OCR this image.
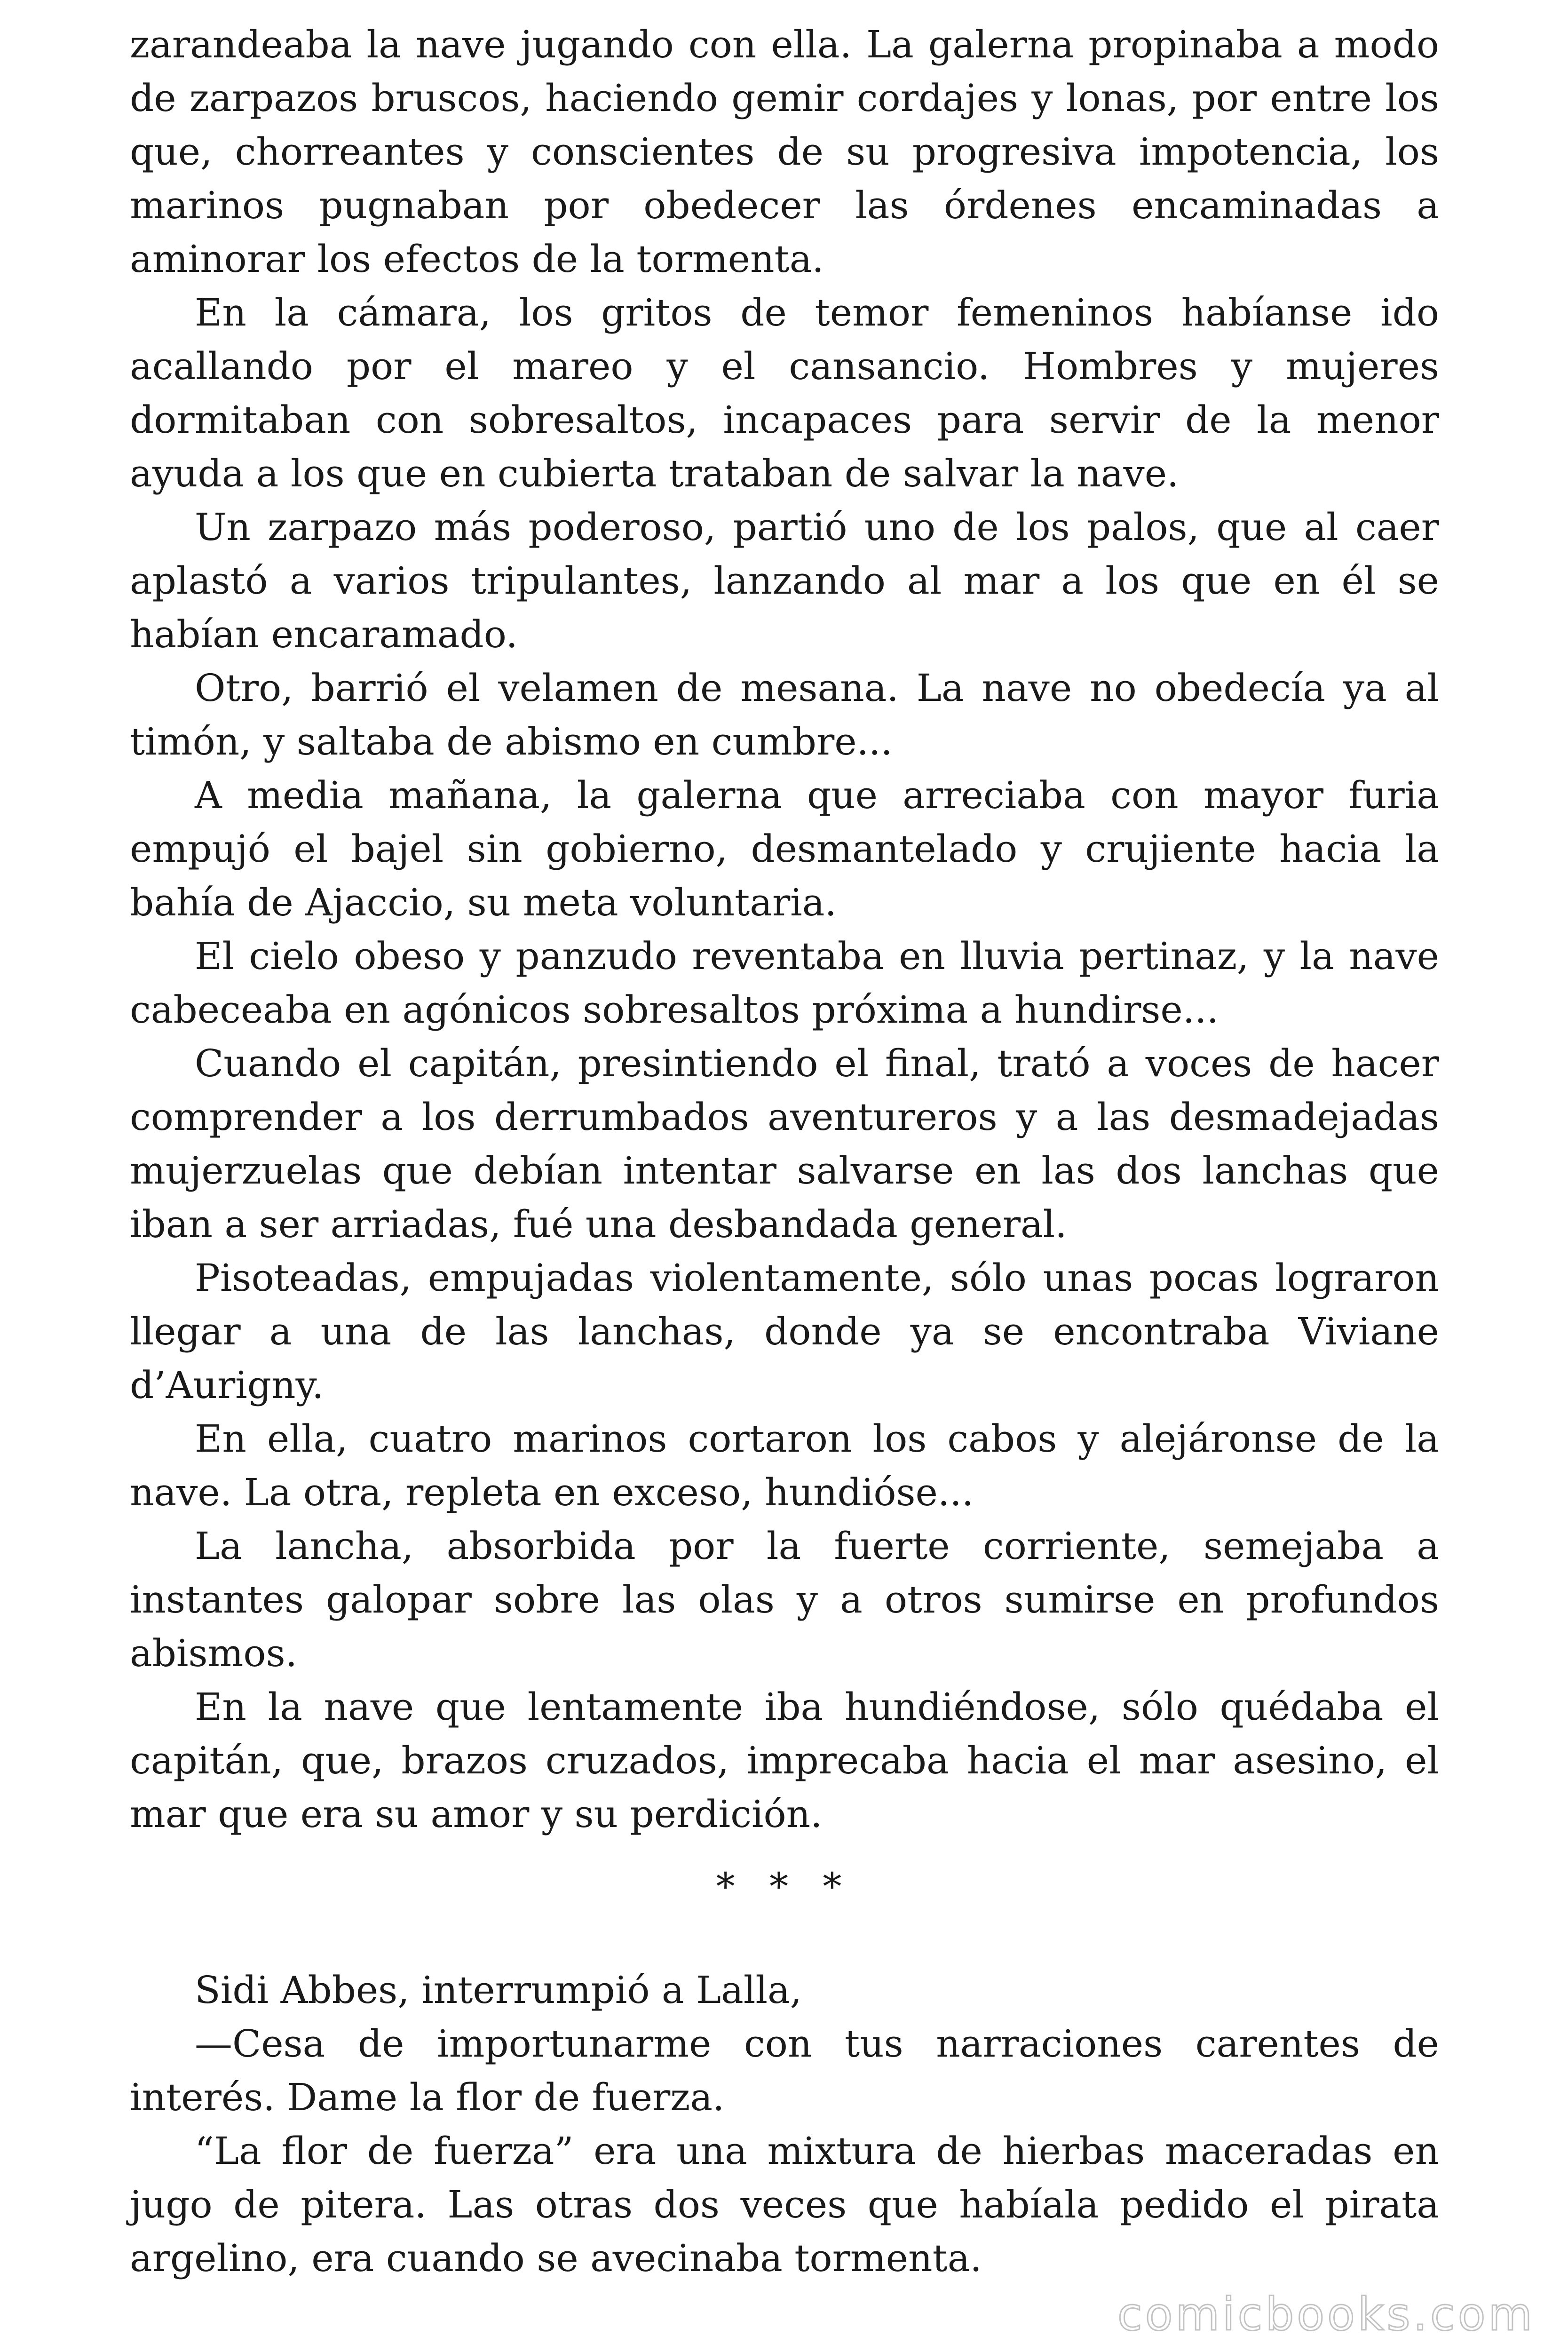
zarandeaba la nave jugando con ella. La galerna propinaba a modo de zarpazos bruscos, haciendo gemir cordajes y lonas, por entre los que, chorreantes y conscientes de su progresiva impotencia, los marinos pugnaban por obedecer las órdenes encaminadas a aminorar los efectos de la tormenta.

En la cámara, los gritos de temor femeninos habíanse ido acallando por el mareo y el cansancio. Hombres y mujeres dormitaban con sobresaltos, incapaces para servir de la menor ayuda a los que en cubierta trataban de salvar la nave.

Un zarpazo más poderoso, partió uno de los palos, que al caer aplastó a varios tripulantes, lanzando al mar a los que en él se habían encaramado.

Otro, barrió el velamen de mesana. La nave no obedecía ya al timón, y saltaba de abismo en cumbre...

A media mañana, la galerna que arreciaba con mayor furia empujó el bajel sin gobierno, desmantelado y crujiente hacia la bahía de Ajaccio, su meta voluntaria.

El cielo obeso y panzudo reventaba en lluvia pertinaz, y la nave cabeceaba en agónicos sobresaltos próxima a hundirse...

Cuando el capitán, presintiendo el final, trató a voces de hacer comprender a los derrumbados aventureros y a las desmadejadas mujerzuelas que debían intentar salvarse en las dos lanchas que iban a ser arriadas, fué una desbandada general.

Pisoteadas, empujadas violentamente, sólo unas pocas lograron llegar a una de las lanchas, donde ya se encontraba Viviane d’Aurigny.

En ella, cuatro marinos cortaron los cabos y alejáronse de la nave. La otra, repleta en exceso, hundióse...

La lancha, absorbida por la fuerte corriente, semejaba a instantes galopar sobre las olas y a otros sumirse en profundos abismos.

En la nave que lentamente iba hundiéndose, sólo quédaba el capitán, que, brazos cruzados, imprecaba hacia el mar asesino, el mar que era su amor y su perdición.

* * *

Sidi Abbes, interrumpió a Lalla,

—Cesa de importunarme con tus narraciones carentes de interés. Dame la flor de fuerza.

“La flor de fuerza” era una mixtura de hierbas maceradas en jugo de pitera. Las otras dos veces que habíala pedido el pirata argelino, era cuando se avecinaba tormenta.

comicbooks.com
